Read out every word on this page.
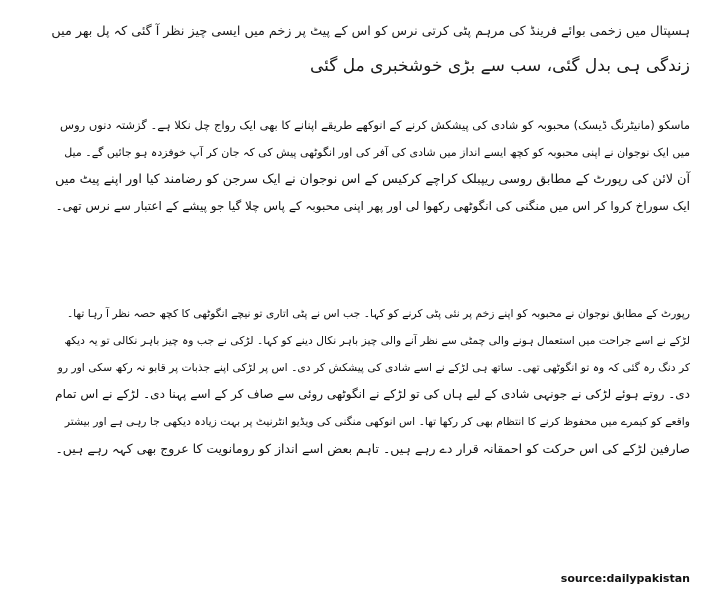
ہسپتال میں زخمی بوائے فرینڈ کی مرہم پٹی کرتی نرس کو اس کے پیٹ پر زخم میں ایسی چیز نظر آ گئی کہ پل بھر میں
زندگی ہی بدل گئی، سب سے بڑی خوشخبری مل گئی
ماسکو (مانیٹرنگ ڈیسک) محبوبہ کو شادی کی پیشکش کرنے کے انوکھے طریقے اپنانے کا بھی ایک رواج چل نکلا ہے۔ گزشتہ دنوں روس
میں ایک نوجوان نے اپنی محبوبہ کو کچھ ایسے انداز میں شادی کی آفر کی اور انگوٹھی پیش کی کہ جان کر آپ خوفزدہ ہو جائیں گے۔ میل
آن لائن کی رپورٹ کے مطابق روسی ریپبلک کراچے کرکیس کے اس نوجوان نے ایک سرجن کو رضامند کیا اور اپنے پیٹ میں
ایک سوراخ کروا کر اس میں منگنی کی انگوٹھی رکھوا لی اور پھر اپنی محبوبہ کے پاس چلا گیا جو پیشے کے اعتبار سے نرس تھی۔
رپورٹ کے مطابق نوجوان نے محبوبہ کو اپنے زخم پر نئی پٹی کرنے کو کہا۔ جب اس نے پٹی اتاری تو نیچے انگوٹھی کا کچھ حصہ نظر آ رہا تھا۔
لڑکے نے اسے جراحت میں استعمال ہونے والی چمٹی سے نظر آنے والی چیز باہر نکال دینے کو کہا۔ لڑکی نے جب وہ چیز باہر نکالی تو یہ دیکھ
کر دنگ رہ گئی کہ وہ تو انگوٹھی تھی۔ ساتھ ہی لڑکے نے اسے شادی کی پیشکش کر دی۔ اس پر لڑکی اپنے جذبات پر قابو نہ رکھ سکی اور رو
دی۔ روتے ہوئے لڑکی نے جونہی شادی کے لیے ہاں کی تو لڑکے نے انگوٹھی روئی سے صاف کر کے اسے پہنا دی۔ لڑکے نے اس تمام
واقعے کو کیمرے میں محفوظ کرنے کا انتظام بھی کر رکھا تھا۔ اس انوکھی منگنی کی ویڈیو انٹرنیٹ پر بہت زیادہ دیکھی جا رہی ہے اور بیشتر
صارفین لڑکے کی اس حرکت کو احمقانہ قرار دے رہے ہیں۔ تاہم بعض اسے انداز کو رومانویت کا عروج بھی کہہ رہے ہیں۔
source:dailypakistan
